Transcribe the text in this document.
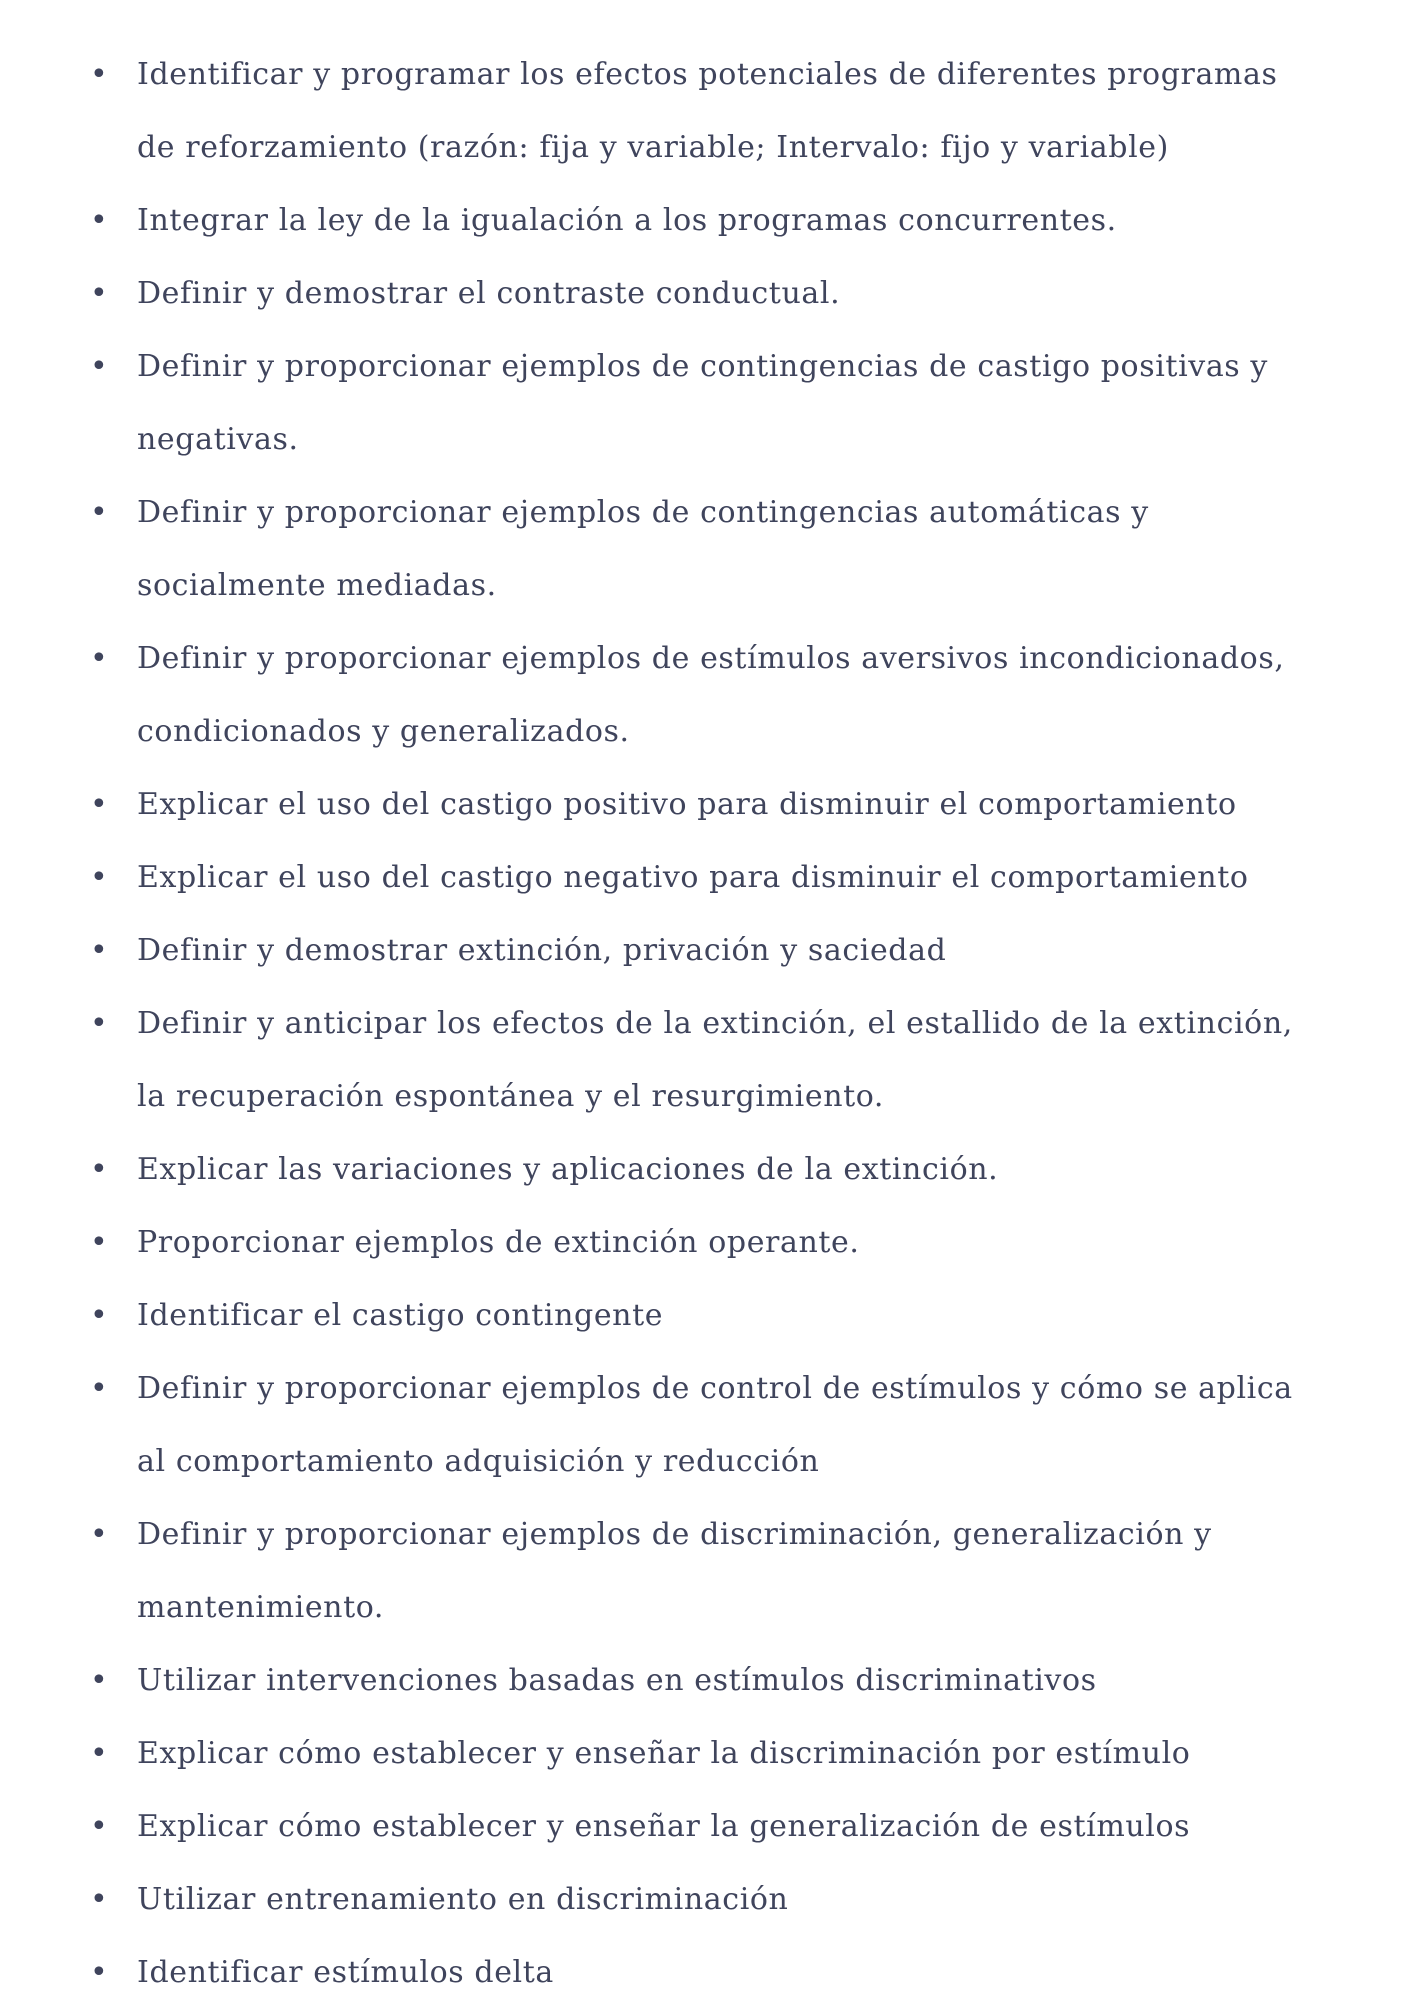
• Identificar y programar los efectos potenciales de diferentes programas
de reforzamiento (razón: fija y variable; Intervalo: fijo y variable)
• Integrar la ley de la igualación a los programas concurrentes.
• Definir y demostrar el contraste conductual.
• Definir y proporcionar ejemplos de contingencias de castigo positivas y
negativas.
• Definir y proporcionar ejemplos de contingencias automáticas y
socialmente mediadas.
• Definir y proporcionar ejemplos de estímulos aversivos incondicionados,
condicionados y generalizados.
• Explicar el uso del castigo positivo para disminuir el comportamiento
• Explicar el uso del castigo negativo para disminuir el comportamiento
• Definir y demostrar extinción, privación y saciedad
• Definir y anticipar los efectos de la extinción, el estallido de la extinción,
la recuperación espontánea y el resurgimiento.
• Explicar las variaciones y aplicaciones de la extinción.
• Proporcionar ejemplos de extinción operante.
• Identificar el castigo contingente
• Definir y proporcionar ejemplos de control de estímulos y cómo se aplica
al comportamiento adquisición y reducción
• Definir y proporcionar ejemplos de discriminación, generalización y
mantenimiento.
• Utilizar intervenciones basadas en estímulos discriminativos
• Explicar cómo establecer y enseñar la discriminación por estímulo
• Explicar cómo establecer y enseñar la generalización de estímulos
• Utilizar entrenamiento en discriminación
• Identificar estímulos delta
